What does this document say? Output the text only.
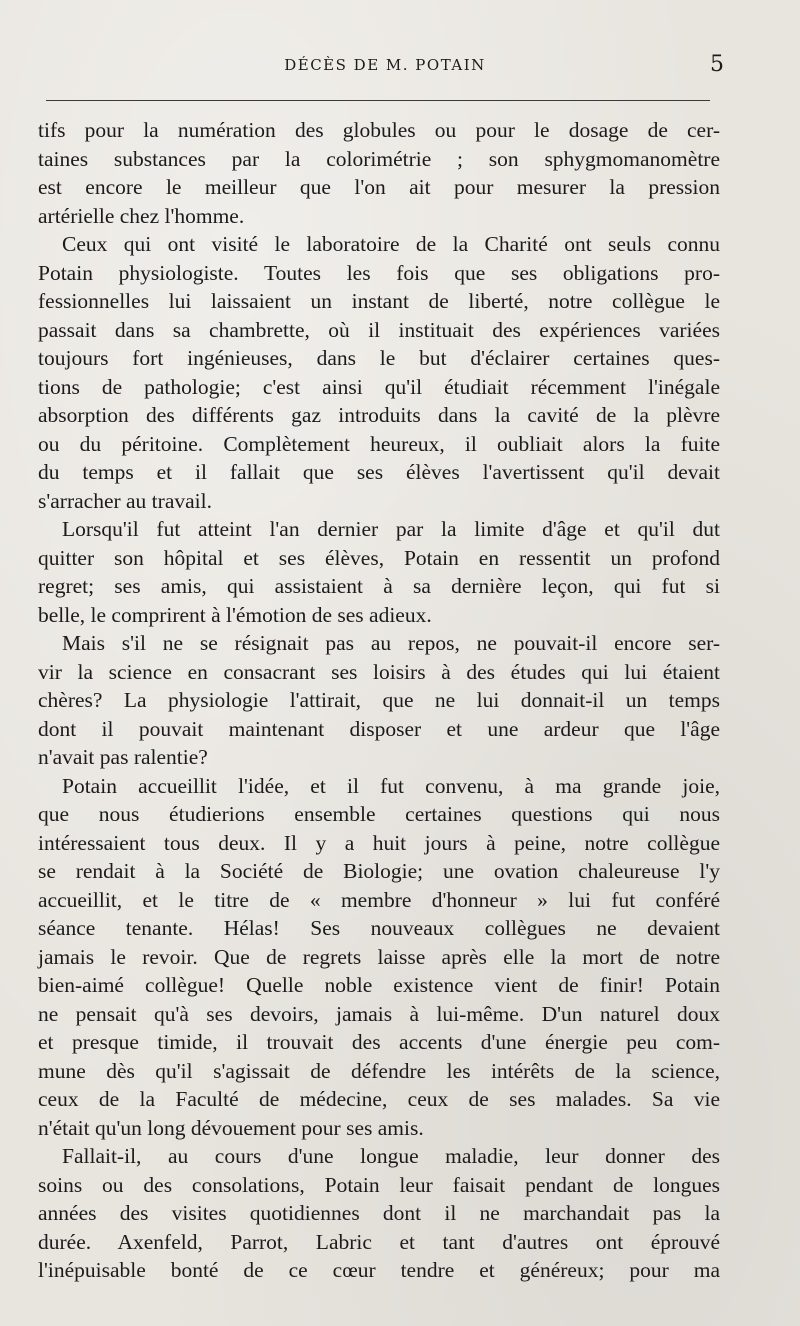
DÉCÈS DE M. POTAIN	5
tifs pour la numération des globules ou pour le dosage de cer-
taines substances par la colorimétrie ; son sphygmomanomètre
est encore le meilleur que l'on ait pour mesurer la pression
artérielle chez l'homme.
Ceux qui ont visité le laboratoire de la Charité ont seuls connu
Potain physiologiste. Toutes les fois que ses obligations pro-
fessionnelles lui laissaient un instant de liberté, notre collègue le
passait dans sa chambrette, où il instituait des expériences variées
toujours fort ingénieuses, dans le but d'éclairer certaines ques-
tions de pathologie; c'est ainsi qu'il étudiait récemment l'inégale
absorption des différents gaz introduits dans la cavité de la plèvre
ou du péritoine. Complètement heureux, il oubliait alors la fuite
du temps et il fallait que ses élèves l'avertissent qu'il devait
s'arracher au travail.
Lorsqu'il fut atteint l'an dernier par la limite d'âge et qu'il dut
quitter son hôpital et ses élèves, Potain en ressentit un profond
regret; ses amis, qui assistaient à sa dernière leçon, qui fut si
belle, le comprirent à l'émotion de ses adieux.
Mais s'il ne se résignait pas au repos, ne pouvait-il encore ser-
vir la science en consacrant ses loisirs à des études qui lui étaient
chères? La physiologie l'attirait, que ne lui donnait-il un temps
dont il pouvait maintenant disposer et une ardeur que l'âge
n'avait pas ralentie?
Potain accueillit l'idée, et il fut convenu, à ma grande joie,
que nous étudierions ensemble certaines questions qui nous
intéressaient tous deux. Il y a huit jours à peine, notre collègue
se rendait à la Société de Biologie; une ovation chaleureuse l'y
accueillit, et le titre de « membre d'honneur » lui fut conféré
séance tenante. Hélas! Ses nouveaux collègues ne devaient
jamais le revoir. Que de regrets laisse après elle la mort de notre
bien-aimé collègue! Quelle noble existence vient de finir! Potain
ne pensait qu'à ses devoirs, jamais à lui-même. D'un naturel doux
et presque timide, il trouvait des accents d'une énergie peu com-
mune dès qu'il s'agissait de défendre les intérêts de la science,
ceux de la Faculté de médecine, ceux de ses malades. Sa vie
n'était qu'un long dévouement pour ses amis.
Fallait-il, au cours d'une longue maladie, leur donner des
soins ou des consolations, Potain leur faisait pendant de longues
années des visites quotidiennes dont il ne marchandait pas la
durée. Axenfeld, Parrot, Labric et tant d'autres ont éprouvé
l'inépuisable bonté de ce cœur tendre et généreux; pour ma
